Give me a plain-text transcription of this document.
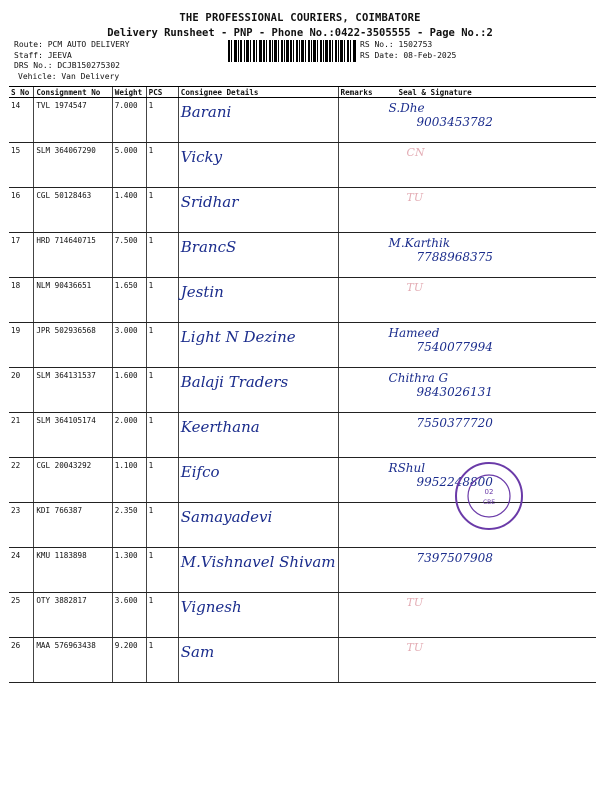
THE PROFESSIONAL COURIERS, COIMBATORE
Delivery Runsheet - PNP - Phone No.:0422-3505555 - Page No.:2
Route: PCM AUTO DELIVERY
Staff: JEEVA
DRS No.: DCJB150275302
Vehicle: Van Delivery
RS No.: 1502753
RS Date: 08-Feb-2025
S No	Consignment No	Weight	PCS	Consignee Details	Remarks	Seal & Signature
14	TVL 1974547	7.000	1	Barani		S.Dhe
9003453782

15	SLM 364067290	5.000	1	Vicky		CN

16	CGL 50128463	1.400	1	Sridhar		TU

17	HRD 714640715	7.500	1	BrancS		M.Karthik
7788968375

18	NLM 90436651	1.650	1	Jestin		TU

19	JPR 502936568	3.000	1	Light N Dezine		Hameed
7540077994

20	SLM 364131537	1.600	1	Balaji Traders		Chithra G
9843026131

21	SLM 364105174	2.000	1	Keerthana		7550377720

22	CGL 20043292	1.100	1	Eifco		RShul
9952248800

23	KDI 766387	2.350	1	Samayadevi		

24	KMU 1183898	1.300	1	M.Vishnavel Shivam		7397507908

25	OTY 3882817	3.600	1	Vignesh		TU

26	MAA 576963438	9.200	1	Sam		TU
02
CBE
